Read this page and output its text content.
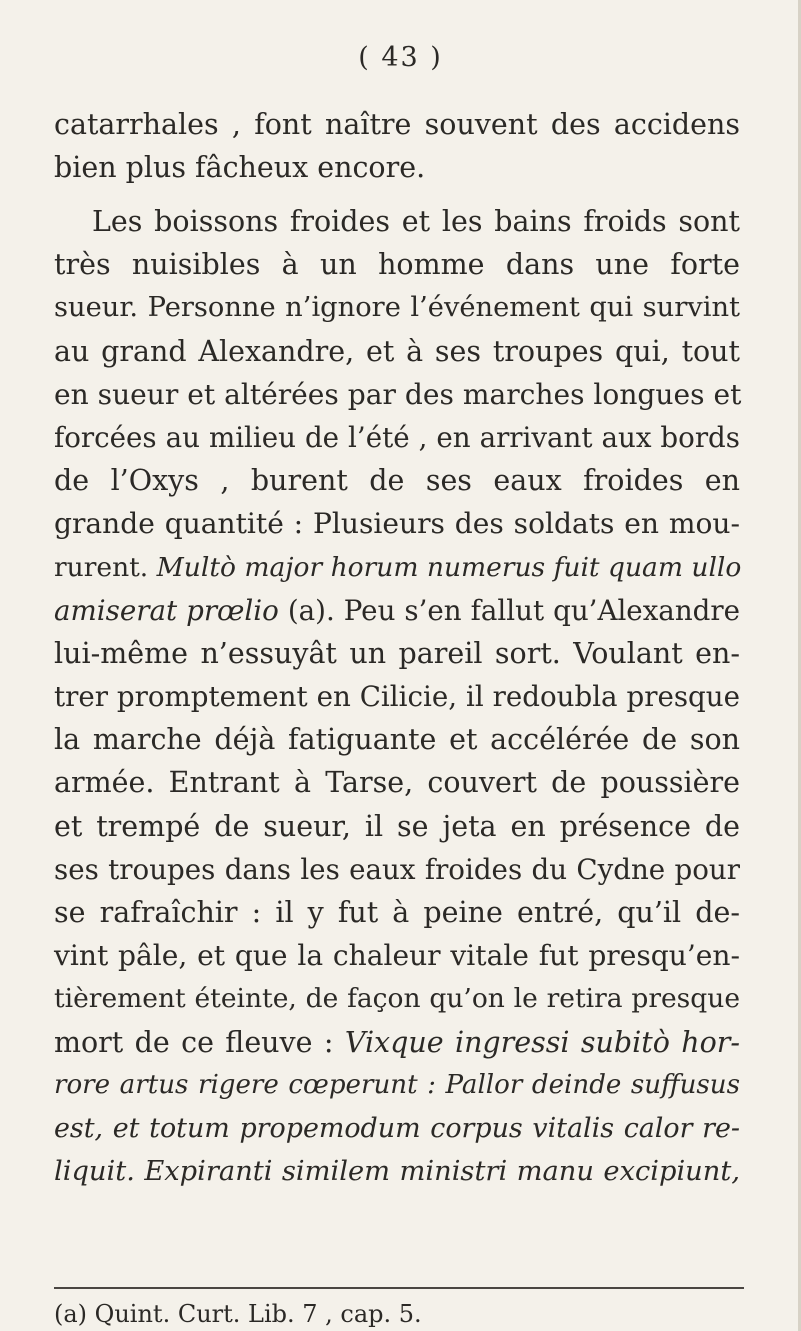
( 43 )
catarrhales , font naître souvent des accidens
bien plus fâcheux encore.
Les boissons froides et les bains froids sont
très nuisibles à un homme dans une forte
sueur. Personne n’ignore l’événement qui survint
au grand Alexandre, et à ses troupes qui, tout
en sueur et altérées par des marches longues et
forcées au milieu de l’été , en arrivant aux bords
de l’Oxys , burent de ses eaux froides en
grande quantité : Plusieurs des soldats en mou-
rurent. Multò major horum numerus fuit quam ullo
amiserat prœlio (a). Peu s’en fallut qu’Alexandre
lui-même n’essuyât un pareil sort. Voulant en-
trer promptement en Cilicie, il redoubla presque
la marche déjà fatiguante et accélérée de son
armée. Entrant à Tarse, couvert de poussière
et trempé de sueur, il se jeta en présence de
ses troupes dans les eaux froides du Cydne pour
se rafraîchir : il y fut à peine entré, qu’il de-
vint pâle, et que la chaleur vitale fut presqu’en-
tièrement éteinte, de façon qu’on le retira presque
mort de ce fleuve : Vixque ingressi subitò hor-
rore artus rigere cœperunt : Pallor deinde suffusus
est, et totum propemodum corpus vitalis calor re-
liquit. Expiranti similem ministri manu excipiunt,
(a) Quint. Curt. Lib. 7 , cap. 5.
